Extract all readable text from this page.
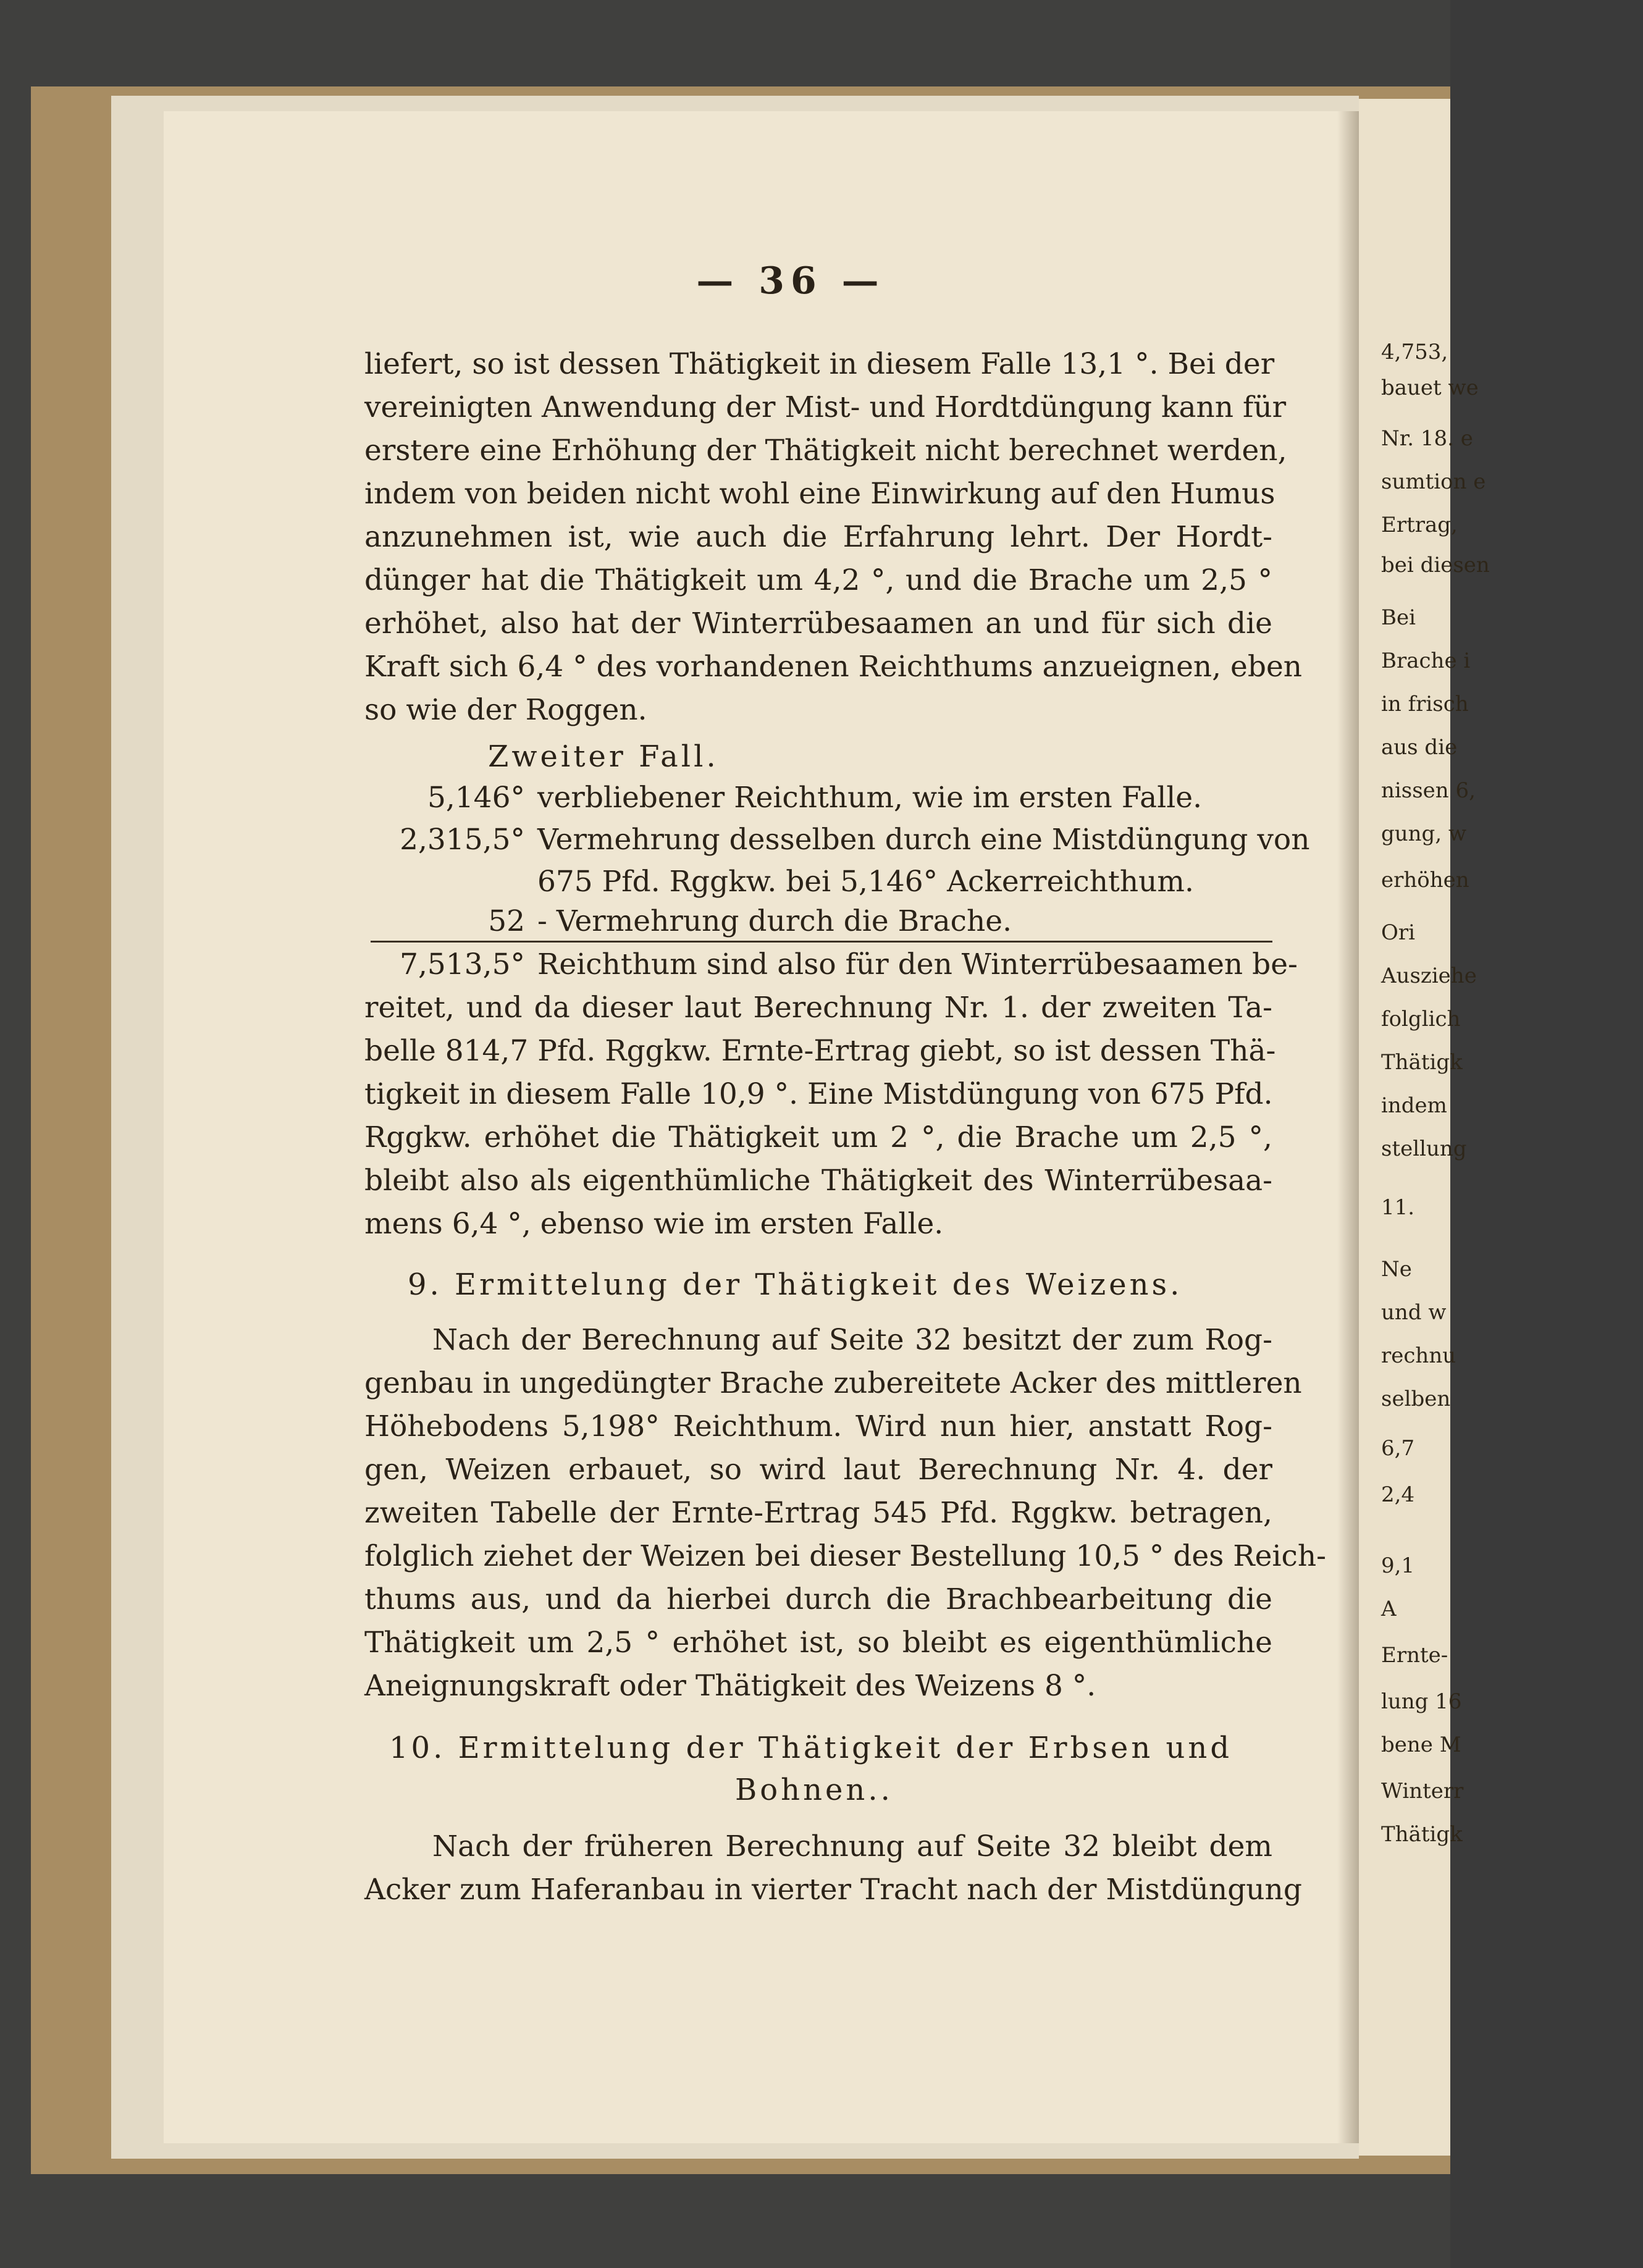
4,753,
bauet we
Nr. 18. e
sumtion e
Ertrag,
bei diesen
Bei
Brache i
in frisch
aus die
nissen 6,
gung, w
erhöhen
Ori
Ausziehe
folglich
Thätigk
indem
stellung
11.
Ne
und w
rechnu
selben
6,7
2,4
9,1
A
Ernte-
lung 16
bene M
Winterr
Thätigk
— 36 —
liefert, so ist dessen Thätigkeit in diesem Falle 13,1 °. Bei der
vereinigten Anwendung der Mist- und Hordtdüngung kann für
erstere eine Erhöhung der Thätigkeit nicht berechnet werden,
indem von beiden nicht wohl eine Einwirkung auf den Humus
anzunehmen ist, wie auch die Erfahrung lehrt. Der Hordt-
dünger hat die Thätigkeit um 4,2 °, und die Brache um 2,5 °
erhöhet, also hat der Winterrübesaamen an und für sich die
Kraft sich 6,4 ° des vorhandenen Reichthums anzueignen, eben
so wie der Roggen.
Zweiter Fall.
5,146° verbliebener Reichthum, wie im ersten Falle.
2,315,5° Vermehrung desselben durch eine Mistdüngung von
675 Pfd. Rggkw. bei 5,146° Ackerreichthum.
52 - Vermehrung durch die Brache.
7,513,5° Reichthum sind also für den Winterrübesaamen be-
reitet, und da dieser laut Berechnung Nr. 1. der zweiten Ta-
belle 814,7 Pfd. Rggkw. Ernte-Ertrag giebt, so ist dessen Thä-
tigkeit in diesem Falle 10,9 °. Eine Mistdüngung von 675 Pfd.
Rggkw. erhöhet die Thätigkeit um 2 °, die Brache um 2,5 °,
bleibt also als eigenthümliche Thätigkeit des Winterrübesaa-
mens 6,4 °, ebenso wie im ersten Falle.
9. Ermittelung der Thätigkeit des Weizens.
Nach der Berechnung auf Seite 32 besitzt der zum Rog-
genbau in ungedüngter Brache zubereitete Acker des mittleren
Höhebodens 5,198° Reichthum. Wird nun hier, anstatt Rog-
gen, Weizen erbauet, so wird laut Berechnung Nr. 4. der
zweiten Tabelle der Ernte-Ertrag 545 Pfd. Rggkw. betragen,
folglich ziehet der Weizen bei dieser Bestellung 10,5 ° des Reich-
thums aus, und da hierbei durch die Brachbearbeitung die
Thätigkeit um 2,5 ° erhöhet ist, so bleibt es eigenthümliche
Aneignungskraft oder Thätigkeit des Weizens 8 °.
10. Ermittelung der Thätigkeit der Erbsen und
Bohnen..
Nach der früheren Berechnung auf Seite 32 bleibt dem
Acker zum Haferanbau in vierter Tracht nach der Mistdüngung
